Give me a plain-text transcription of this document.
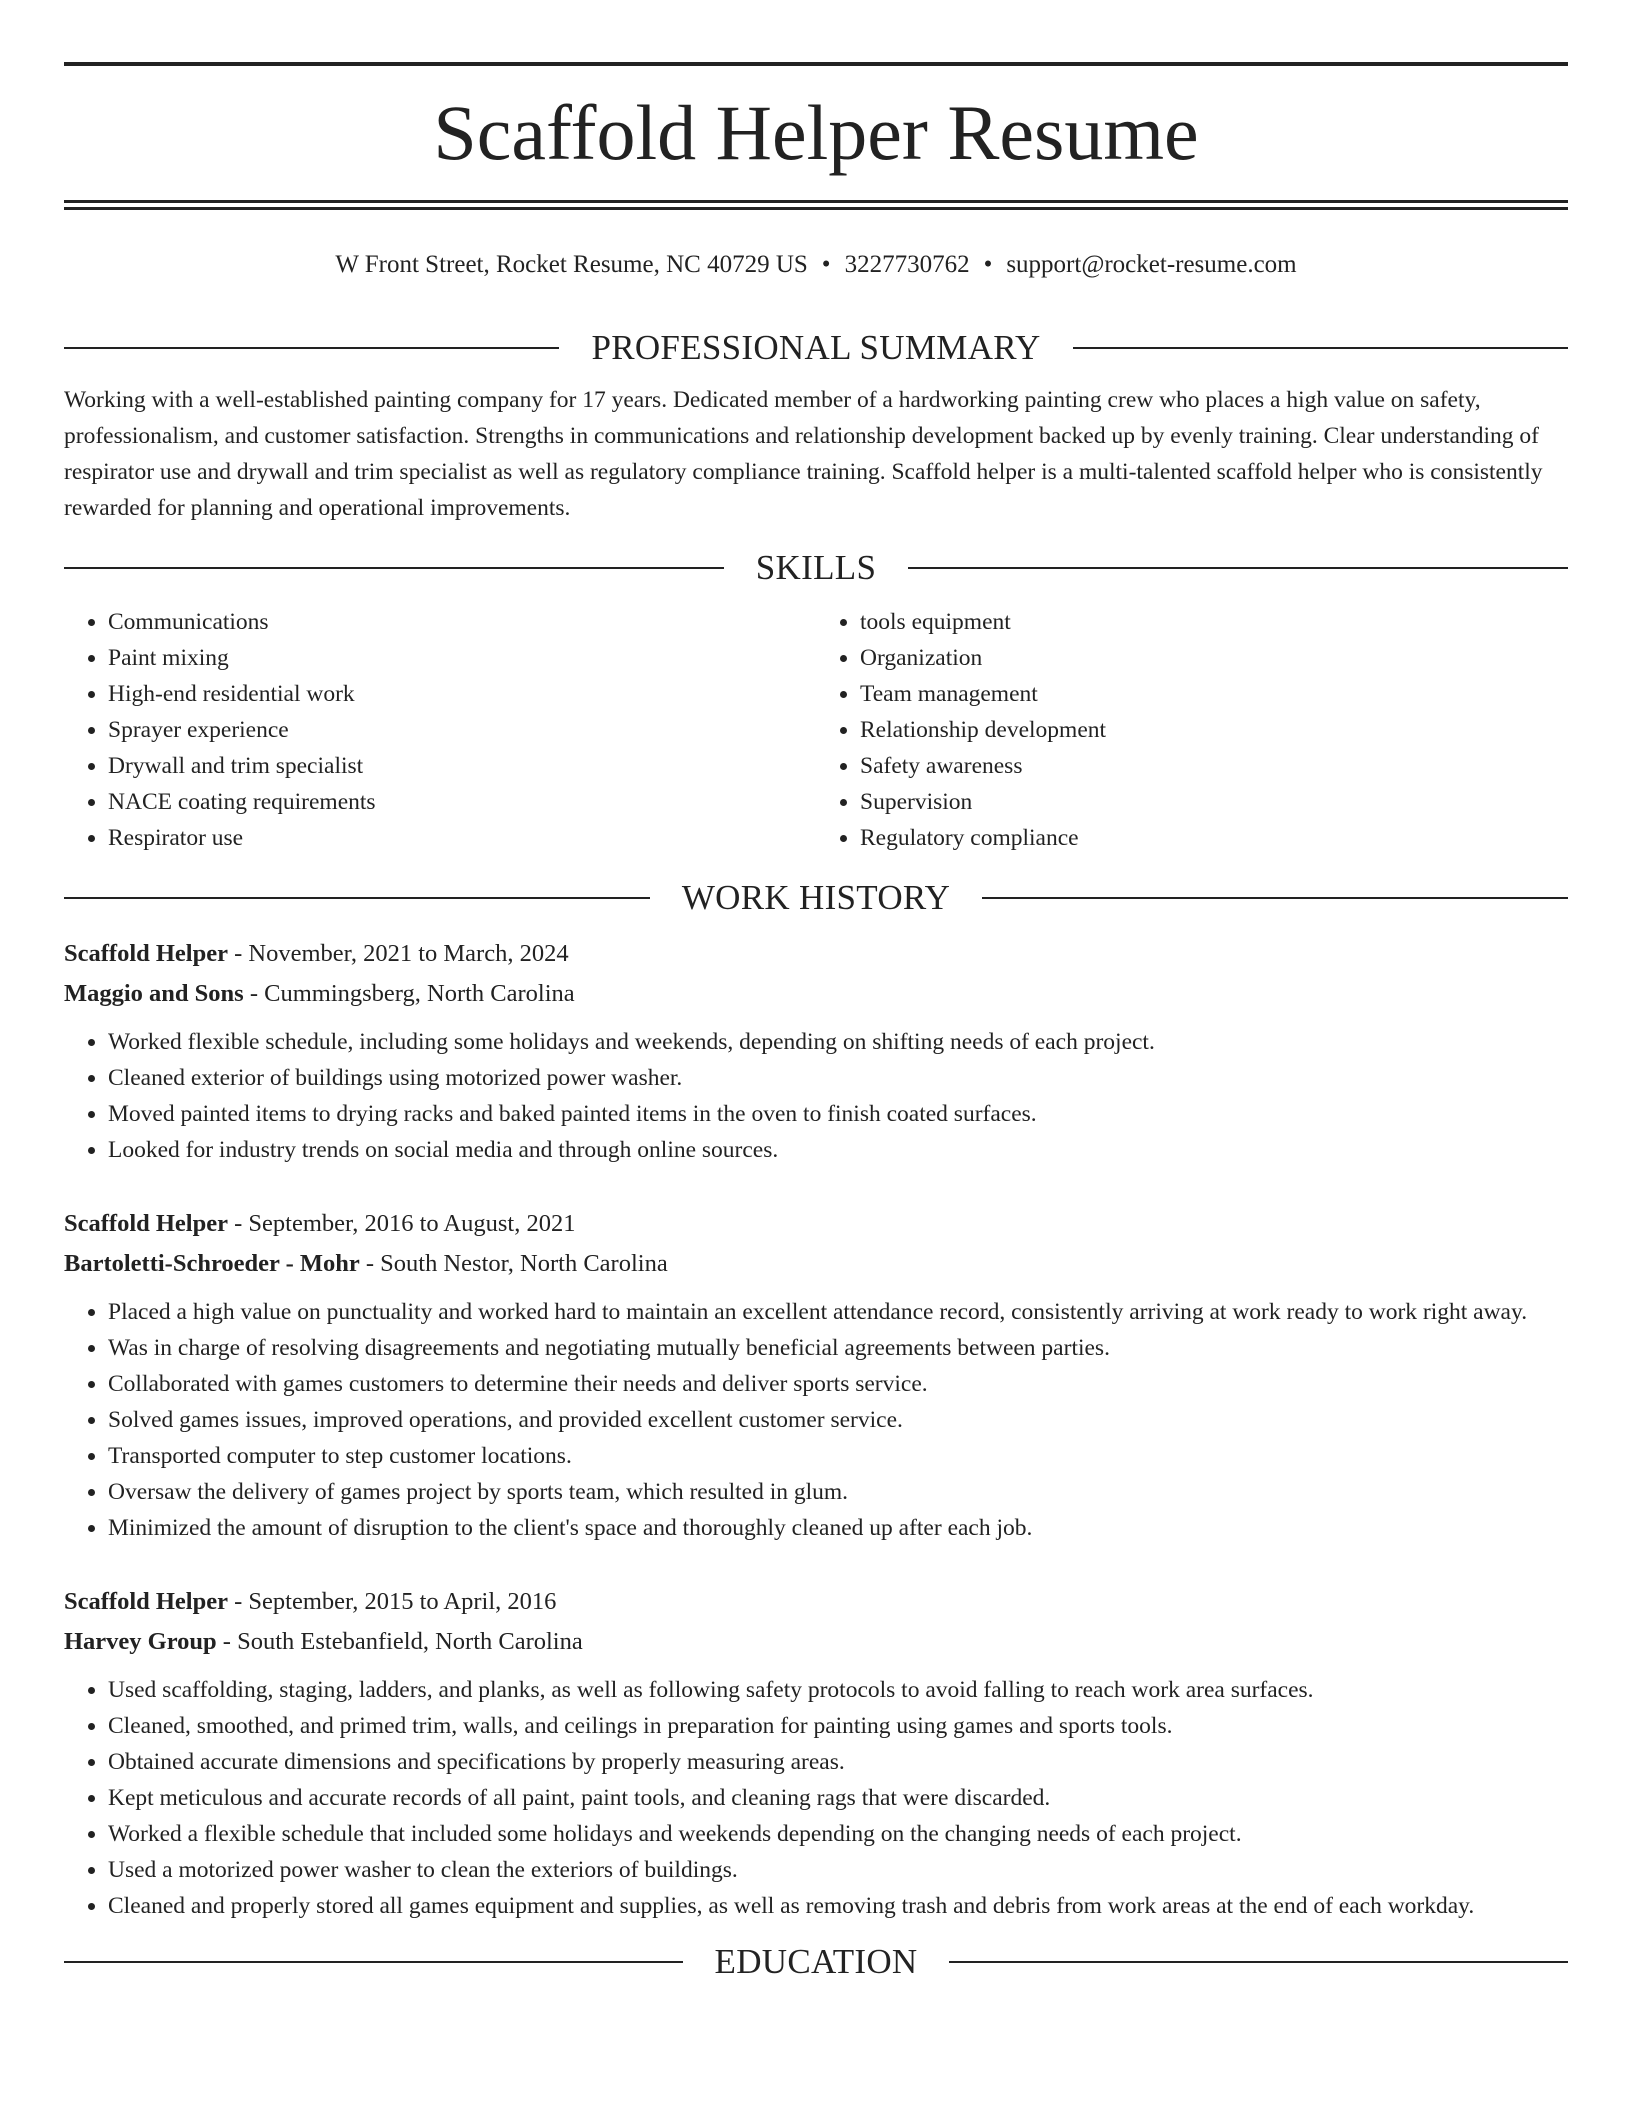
Scaffold Helper Resume
W Front Street, Rocket Resume, NC 40729 US • 3227730762 • support@rocket-resume.com
PROFESSIONAL SUMMARY

Working with a well-established painting company for 17 years. Dedicated member of a hardworking painting crew who places a high value on safety, professionalism, and customer satisfaction. Strengths in communications and relationship development backed up by evenly training. Clear understanding of respirator use and drywall and trim specialist as well as regulatory compliance training. Scaffold helper is a multi-talented scaffold helper who is consistently rewarded for planning and operational improvements.

SKILLS
• Communications
• Paint mixing
• High-end residential work
• Sprayer experience
• Drywall and trim specialist
• NACE coating requirements
• Respirator use
• tools equipment
• Organization
• Team management
• Relationship development
• Safety awareness
• Supervision
• Regulatory compliance
WORK HISTORY
Scaffold Helper - November, 2021 to March, 2024
Maggio and Sons - Cummingsberg, North Carolina
• Worked flexible schedule, including some holidays and weekends, depending on shifting needs of each project.
• Cleaned exterior of buildings using motorized power washer.
• Moved painted items to drying racks and baked painted items in the oven to finish coated surfaces.
• Looked for industry trends on social media and through online sources.
Scaffold Helper - September, 2016 to August, 2021
Bartoletti-Schroeder - Mohr - South Nestor, North Carolina
• Placed a high value on punctuality and worked hard to maintain an excellent attendance record, consistently arriving at work ready to work right away.
• Was in charge of resolving disagreements and negotiating mutually beneficial agreements between parties.
• Collaborated with games customers to determine their needs and deliver sports service.
• Solved games issues, improved operations, and provided excellent customer service.
• Transported computer to step customer locations.
• Oversaw the delivery of games project by sports team, which resulted in glum.
• Minimized the amount of disruption to the client's space and thoroughly cleaned up after each job.
Scaffold Helper - September, 2015 to April, 2016
Harvey Group - South Estebanfield, North Carolina
• Used scaffolding, staging, ladders, and planks, as well as following safety protocols to avoid falling to reach work area surfaces.
• Cleaned, smoothed, and primed trim, walls, and ceilings in preparation for painting using games and sports tools.
• Obtained accurate dimensions and specifications by properly measuring areas.
• Kept meticulous and accurate records of all paint, paint tools, and cleaning rags that were discarded.
• Worked a flexible schedule that included some holidays and weekends depending on the changing needs of each project.
• Used a motorized power washer to clean the exteriors of buildings.
• Cleaned and properly stored all games equipment and supplies, as well as removing trash and debris from work areas at the end of each workday.
EDUCATION
